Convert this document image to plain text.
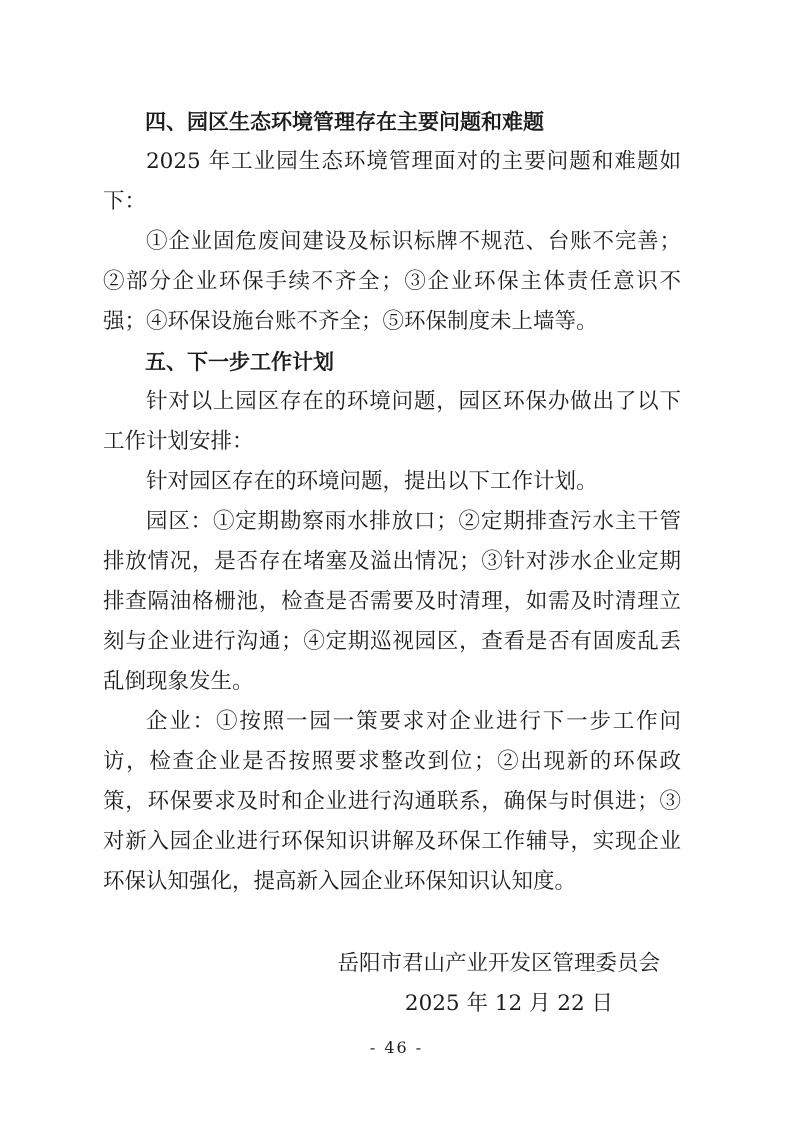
四、园区生态环境管理存在主要问题和难题

2025 年工业园生态环境管理面对的主要问题和难题如下：

①企业固危废间建设及标识标牌不规范、台账不完善；②部分企业环保手续不齐全；③企业环保主体责任意识不强；④环保设施台账不齐全；⑤环保制度未上墙等。

五、下一步工作计划

针对以上园区存在的环境问题，园区环保办做出了以下工作计划安排：

针对园区存在的环境问题，提出以下工作计划。

园区：①定期勘察雨水排放口；②定期排查污水主干管排放情况，是否存在堵塞及溢出情况；③针对涉水企业定期排查隔油格栅池，检查是否需要及时清理，如需及时清理立刻与企业进行沟通；④定期巡视园区，查看是否有固废乱丢乱倒现象发生。

企业：①按照一园一策要求对企业进行下一步工作问访，检查企业是否按照要求整改到位；②出现新的环保政策，环保要求及时和企业进行沟通联系，确保与时俱进；③对新入园企业进行环保知识讲解及环保工作辅导，实现企业环保认知强化，提高新入园企业环保知识认知度。

岳阳市君山产业开发区管理委员会
2025 年 12 月 22 日
- 46 -
